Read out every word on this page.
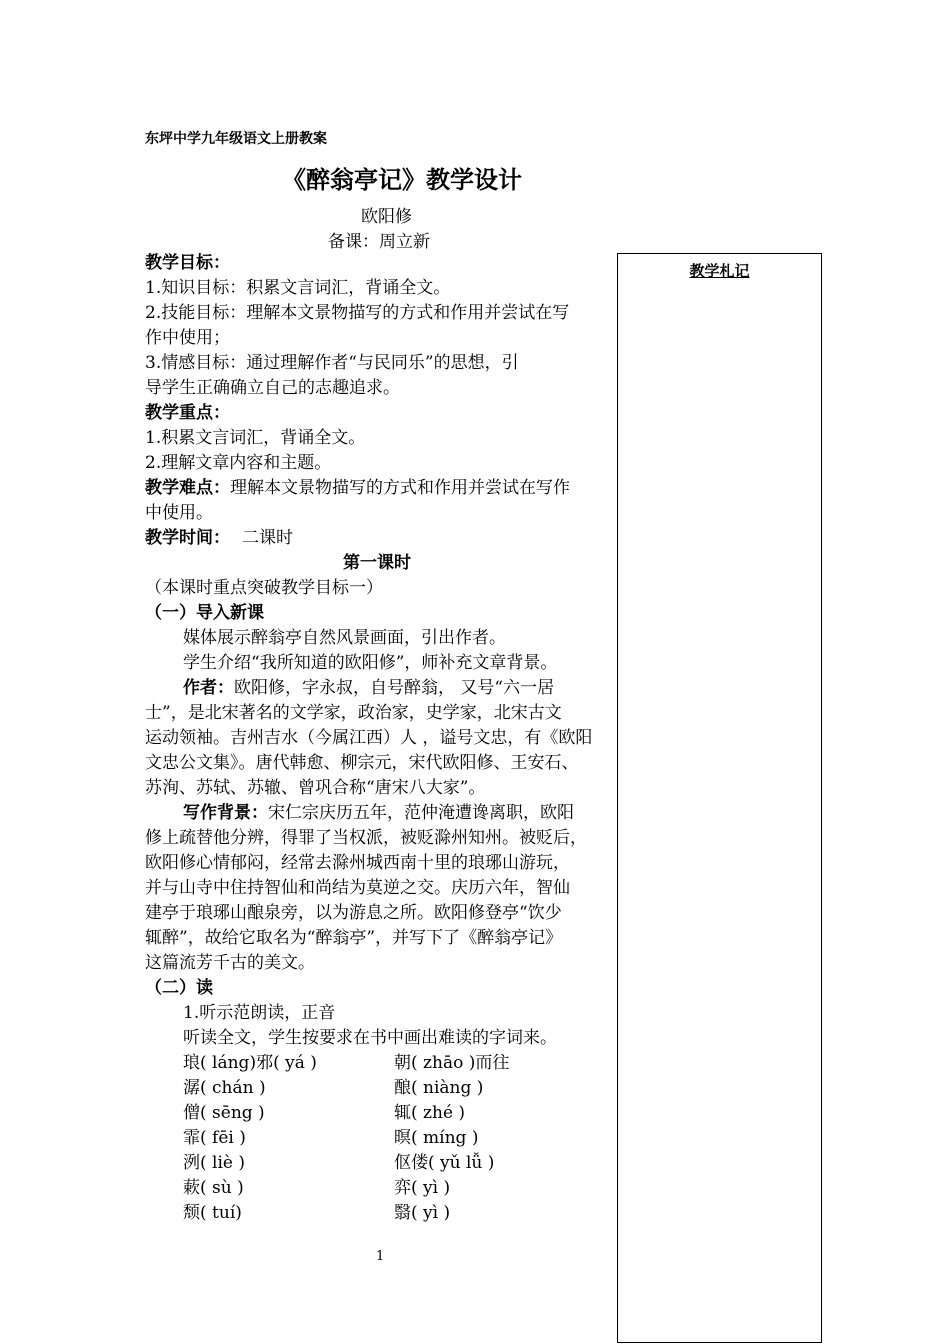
东坪中学九年级语文上册教案
《醉翁亭记》教学设计
欧阳修
备课：周立新
教学札记
教学目标：
1.知识目标：积累文言词汇，背诵全文。
2.技能目标：理解本文景物描写的方式和作用并尝试在写
作中使用；
3.情感目标：通过理解作者“与民同乐”的思想，引
导学生正确确立自己的志趣追求。
教学重点：
1.积累文言词汇，背诵全文。
2.理解文章内容和主题。
教学难点：理解本文景物描写的方式和作用并尝试在写作
中使用。
教学时间： 二课时
第一课时
（本课时重点突破教学目标一）
（一）导入新课
媒体展示醉翁亭自然风景画面，引出作者。
学生介绍“我所知道的欧阳修”，师补充文章背景。
作者：欧阳修，字永叔，自号醉翁， 又号“六一居
士”，是北宋著名的文学家，政治家，史学家，北宋古文
运动领袖。吉州吉水（今属江西）人 ，谥号文忠，有《欧阳
文忠公文集》。唐代韩愈、柳宗元，宋代欧阳修、王安石、
苏洵、苏轼、苏辙、曾巩合称“唐宋八大家”。
写作背景：宋仁宗庆历五年，范仲淹遭谗离职，欧阳
修上疏替他分辨，得罪了当权派，被贬滁州知州。被贬后，
欧阳修心情郁闷，经常去滁州城西南十里的琅琊山游玩，
并与山寺中住持智仙和尚结为莫逆之交。庆历六年，智仙
建亭于琅琊山酿泉旁，以为游息之所。欧阳修登亭“饮少
辄醉”，故给它取名为“醉翁亭”，并写下了《醉翁亭记》
这篇流芳千古的美文。
（二）读
1.听示范朗读，正音
听读全文，学生按要求在书中画出难读的字词来。
琅( láng)邪( yá )
潺( chán )
僧( sēng )
霏( fēi )
洌( liè )
蔌( sù )
颓( tuí)
朝( zhāo )而往
酿( niàng )
辄( zhé )
暝( míng )
伛偻( yǔ lǚ )
弈( yì )
翳( yì )
1
